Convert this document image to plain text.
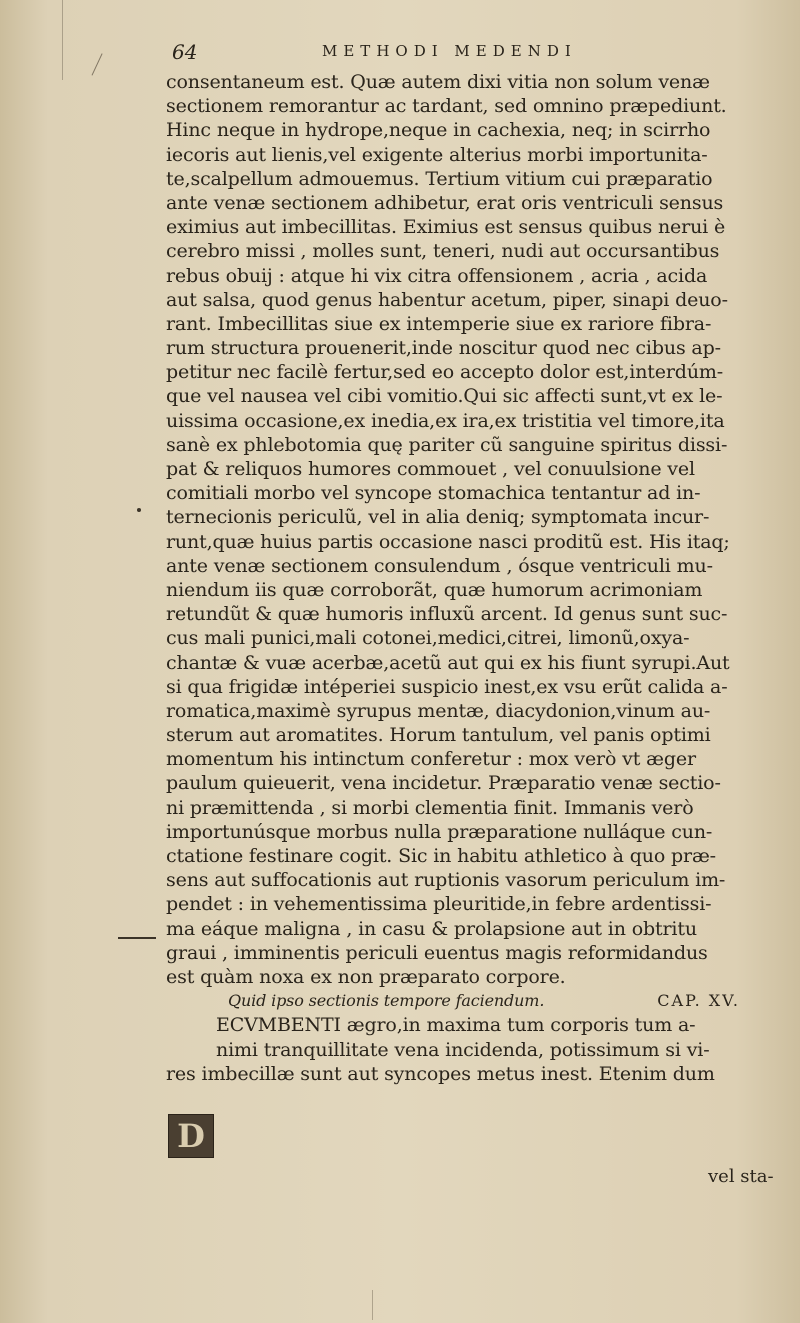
64	METHODI MEDENDI
consentaneum est. Quæ autem dixi vitia non solum venæ
sectionem remorantur ac tardant, sed omnino præpediunt.
Hinc neque in hydrope,neque in cachexia, neq; in scirrho
iecoris aut lienis,vel exigente alterius morbi importunita-
te,scalpellum admouemus. Tertium vitium cui præparatio
ante venæ sectionem adhibetur, erat oris ventriculi sensus
eximius aut imbecillitas. Eximius est sensus quibus nerui è
cerebro missi , molles sunt, teneri, nudi aut occursantibus
rebus obuij : atque hi vix citra offensionem , acria , acida
aut salsa, quod genus habentur acetum, piper, sinapi deuo-
rant. Imbecillitas siue ex intemperie siue ex rariore fibra-
rum structura prouenerit,inde noscitur quod nec cibus ap-
petitur nec facilè fertur,sed eo accepto dolor est,interdúm-
que vel nausea vel cibi vomitio.Qui sic affecti sunt,vt ex le-
uissima occasione,ex inedia,ex ira,ex tristitia vel timore,ita
sanè ex phlebotomia quę pariter cũ sanguine spiritus dissi-
pat & reliquos humores commouet , vel conuulsione vel
comitiali morbo vel syncope stomachica tentantur ad in-
ternecionis periculũ, vel in alia deniq; symptomata incur-
runt,quæ huius partis occasione nasci proditũ est. His itaq;
ante venæ sectionem consulendum , ósque ventriculi mu-
niendum iis quæ corroborãt, quæ humorum acrimoniam
retundũt & quæ humoris influxũ arcent. Id genus sunt suc-
cus mali punici,mali cotonei,medici,citrei, limonũ,oxya-
chantæ & vuæ acerbæ,acetũ aut qui ex his fiunt syrupi.Aut
si qua frigidæ intéperiei suspicio inest,ex vsu erũt calida a-
romatica,maximè syrupus mentæ, diacydonion,vinum au-
sterum aut aromatites. Horum tantulum, vel panis optimi
momentum his intinctum conferetur : mox verò vt æger
paulum quieuerit, vena incidetur. Præparatio venæ sectio-
ni præmittenda , si morbi clementia finit. Immanis verò
importunúsque morbus nulla præparatione nulláque cun-
ctatione festinare cogit. Sic in habitu athletico à quo præ-
sens aut suffocationis aut ruptionis vasorum periculum im-
pendet : in vehementissima pleuritide,in febre ardentissi-
ma eáque maligna , in casu & prolapsione aut in obtritu
graui , imminentis periculi euentus magis reformidandus
est quàm noxa ex non præparato corpore.
Quid ipso sectionis tempore faciendum.	CAP. XV.
ECVMBENTI ægro,in maxima tum corporis tum a-
nimi tranquillitate vena incidenda, potissimum si vi-
res imbecillæ sunt aut syncopes metus inest. Etenim dum
D
vel sta-
